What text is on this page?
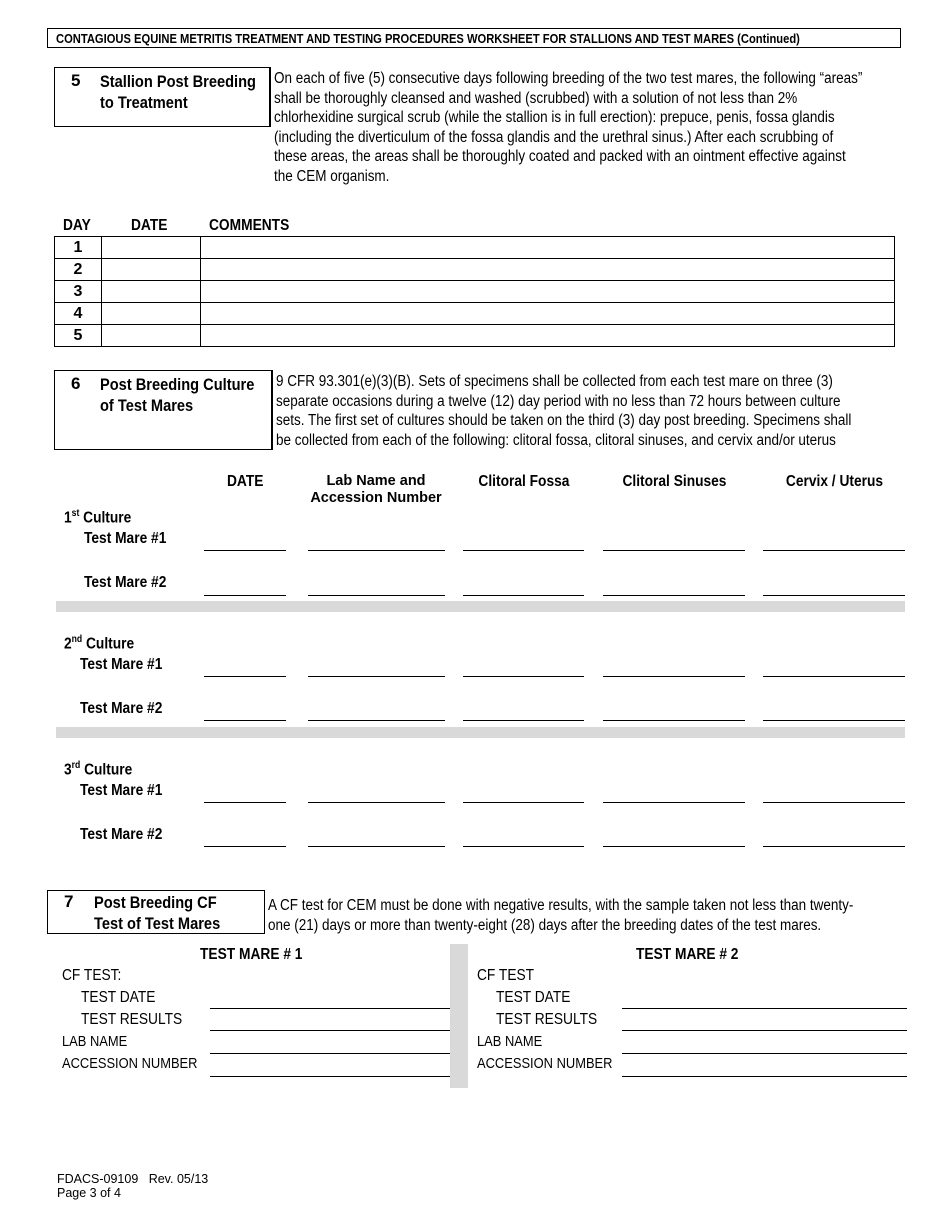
CONTAGIOUS EQUINE METRITIS TREATMENT AND TESTING PROCEDURES WORKSHEET FOR STALLIONS AND TEST MARES (Continued)
5 Stallion Post Breeding
to Treatment
On each of five (5) consecutive days following breeding of the two test mares, the following “areas”
shall be thoroughly cleansed and washed (scrubbed) with a solution of not less than 2%
chlorhexidine surgical scrub (while the stallion is in full erection): prepuce, penis, fossa glandis
(including the diverticulum of the fossa glandis and the urethral sinus.) After each scrubbing of
these areas, the areas shall be thoroughly coated and packed with an ointment effective against
the CEM organism.
DAY	DATE	COMMENTS
1		
2		
3		
4		
5		
6 Post Breeding Culture
of Test Mares
9 CFR 93.301(e)(3)(B). Sets of specimens shall be collected from each test mare on three (3)
separate occasions during a twelve (12) day period with no less than 72 hours between culture
sets. The first set of cultures should be taken on the third (3) day post breeding. Specimens shall
be collected from each of the following: clitoral fossa, clitoral sinuses, and cervix and/or uterus
DATE	Lab Name and
Accession Number
Clitoral Fossa	Clitoral Sinuses	Cervix / Uterus
1st Culture
Test Mare #1
Test Mare #2
2nd Culture
Test Mare #1
Test Mare #2
3rd Culture
Test Mare #1
Test Mare #2
7 Post Breeding CF
Test of Test Mares
A CF test for CEM must be done with negative results, with the sample taken not less than twenty-
one (21) days or more than twenty-eight (28) days after the breeding dates of the test mares.
TEST MARE # 1
CF TEST:
TEST DATE
TEST RESULTS
LAB NAME
ACCESSION NUMBER
TEST MARE # 2
CF TEST
TEST DATE
TEST RESULTS
LAB NAME
ACCESSION NUMBER
FDACS-09109   Rev. 05/13
Page 3 of 4
